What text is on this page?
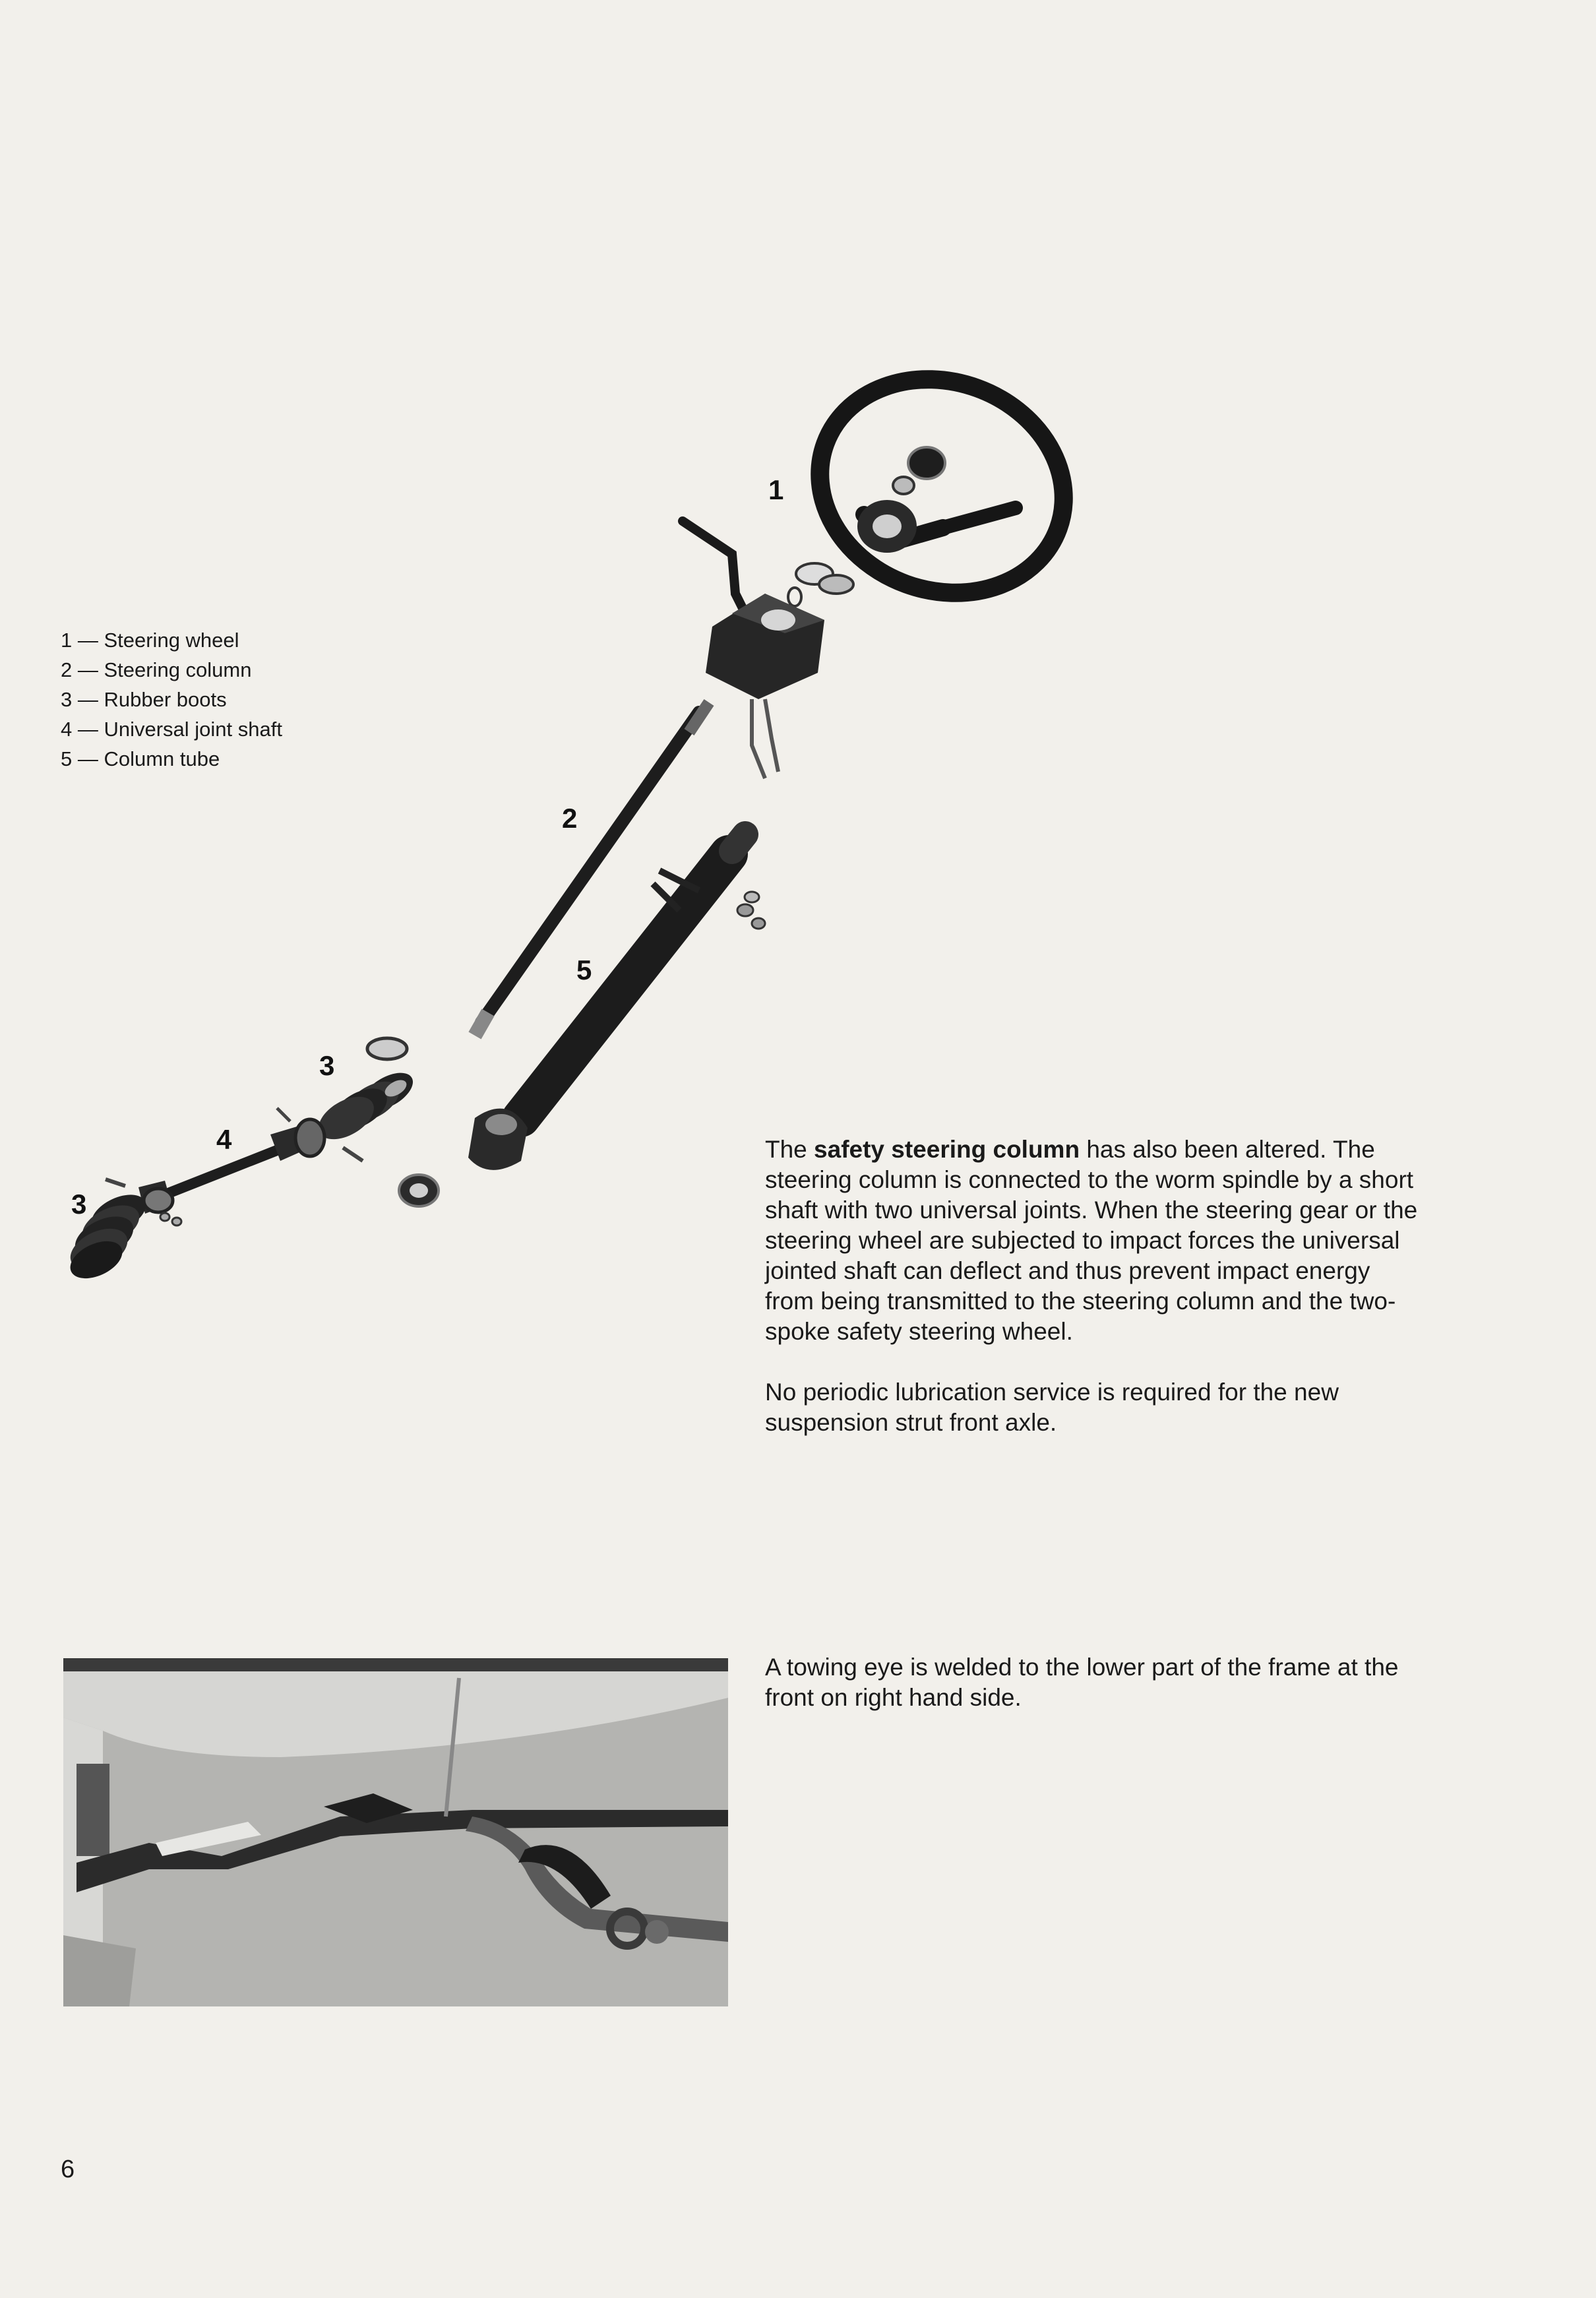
1 — Steering wheel
2 — Steering column
3 — Rubber boots
4 — Universal joint shaft
5 — Column tube
1
2
3
3
4
5

The safety steering column has also been altered. The steering column is connected to the worm spindle by a short shaft with two universal joints. When the steering gear or the steering wheel are subjected to impact forces the universal jointed shaft can deflect and thus prevent impact energy from being transmitted to the steering column and the two-spoke safety steering wheel.

No periodic lubrication service is required for the new suspension strut front axle.

A towing eye is welded to the lower part of the frame at the front on right hand side.

6
